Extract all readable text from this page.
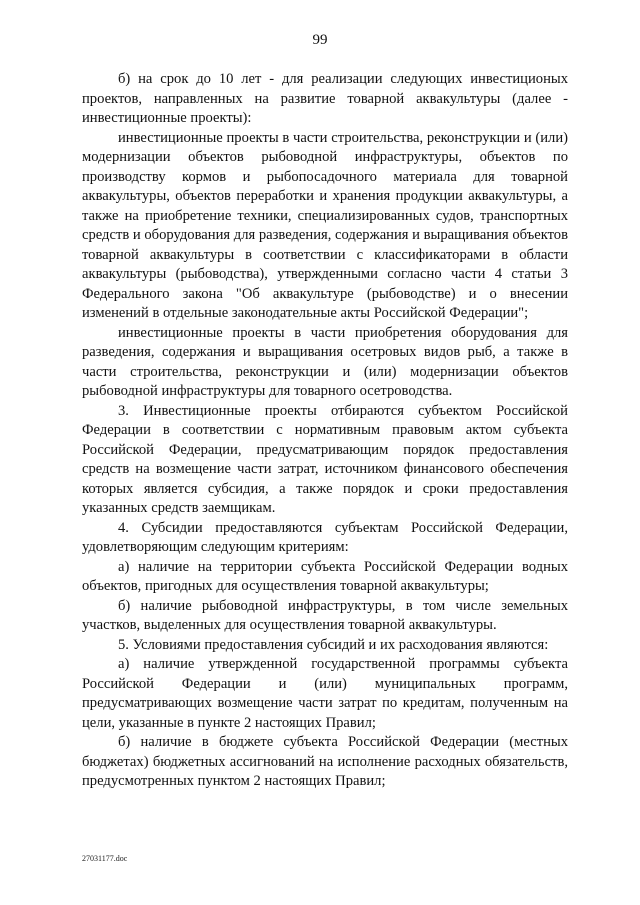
99

б) на срок до 10 лет - для реализации следующих инвестиционых проектов, направленных на развитие товарной аквакультуры (далее - инвестиционные проекты):

инвестиционные проекты в части строительства, реконструкции и (или) модернизации объектов рыбоводной инфраструктуры, объектов по производству кормов и рыбопосадочного материала для товарной аквакультуры, объектов переработки и хранения продукции аквакультуры, а также на приобретение техники, специализированных судов, транспортных средств и оборудования для разведения, содержания и выращивания объектов товарной аквакультуры в соответствии с классификаторами в области аквакультуры (рыбоводства), утвержденными согласно части 4 статьи 3 Федерального закона "Об аквакультуре (рыбоводстве) и о внесении изменений в отдельные законодательные акты Российской Федерации";

инвестиционные проекты в части приобретения оборудования для разведения, содержания и выращивания осетровых видов рыб, а также в части строительства, реконструкции и (или) модернизации объектов рыбоводной инфраструктуры для товарного осетроводства.

3. Инвестиционные проекты отбираются субъектом Российской Федерации в соответствии с нормативным правовым актом субъекта Российской Федерации, предусматривающим порядок предоставления средств на возмещение части затрат, источником финансового обеспечения которых является субсидия, а также порядок и сроки предоставления указанных средств заемщикам.

4. Субсидии предоставляются субъектам Российской Федерации, удовлетворяющим следующим критериям:

а) наличие на территории субъекта Российской Федерации водных объектов, пригодных для осуществления товарной аквакультуры;

б) наличие рыбоводной инфраструктуры, в том числе земельных участков, выделенных для осуществления товарной аквакультуры.

5. Условиями предоставления субсидий и их расходования являются:

а) наличие утвержденной государственной программы субъекта Российской Федерации и (или) муниципальных программ, предусматривающих возмещение части затрат по кредитам, полученным на цели, указанные в пункте 2 настоящих Правил;

б) наличие в бюджете субъекта Российской Федерации (местных бюджетах) бюджетных ассигнований на исполнение расходных обязательств, предусмотренных пунктом 2 настоящих Правил;

27031177.doc
